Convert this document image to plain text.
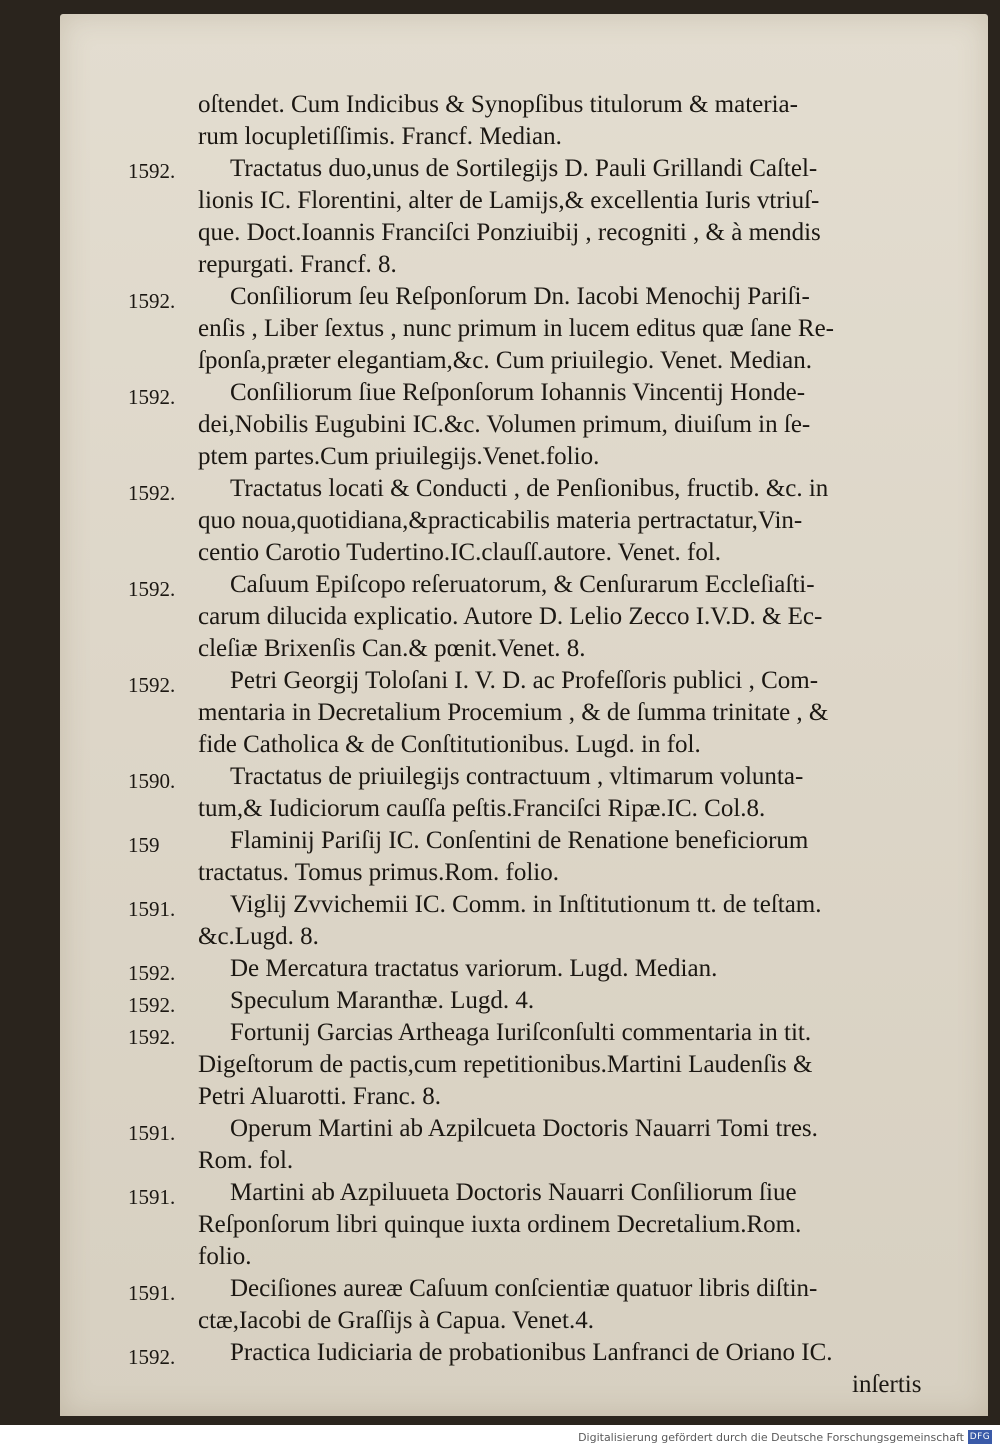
oſtendet. Cum Indicibus & Synopſibus titulorum & materia-
rum locupletiſſimis. Francf. Median.
1592.	Tractatus duo,unus de Sortilegijs D. Pauli Grillandi Caſtel-
lionis IC. Florentini, alter de Lamijs,& excellentia Iuris vtriuſ-
que. Doct.Ioannis Franciſci Ponziuibij , recogniti , & à mendis
repurgati. Francf. 8.
1592.	Conſiliorum ſeu Reſponſorum Dn. Iacobi Menochij Pariſi-
enſis , Liber ſextus , nunc primum in lucem editus quæ ſane Re-
ſponſa,præter elegantiam,&c. Cum priuilegio. Venet. Median.
1592.	Conſiliorum ſiue Reſponſorum Iohannis Vincentij Honde-
dei,Nobilis Eugubini IC.&c. Volumen primum, diuiſum in ſe-
ptem partes.Cum priuilegijs.Venet.folio.
1592.	Tractatus locati & Conducti , de Penſionibus, fructib. &c. in
quo noua,quotidiana,&practicabilis materia pertractatur,Vin-
centio Carotio Tudertino.IC.clauſſ.autore. Venet. fol.
1592.	Caſuum Epiſcopo reſeruatorum, & Cenſurarum Eccleſiaſti-
carum dilucida explicatio. Autore D. Lelio Zecco I.V.D. & Ec-
cleſiæ Brixenſis Can.& pœnit.Venet. 8.
1592.	Petri Georgij Toloſani I. V. D. ac Profeſſoris publici , Com-
mentaria in Decretalium Procemium , & de ſumma trinitate , &
fide Catholica & de Conſtitutionibus. Lugd. in fol.
1590.	Tractatus de priuilegijs contractuum , vltimarum volunta-
tum,& Iudiciorum cauſſa peſtis.Franciſci Ripæ.IC. Col.8.
159	Flaminij Pariſij IC. Conſentini de Renatione beneficiorum
tractatus. Tomus primus.Rom. folio.
1591.	Viglij Zvvichemii IC. Comm. in Inſtitutionum tt. de teſtam.
&c.Lugd. 8.
1592.	De Mercatura tractatus variorum. Lugd. Median.
1592.	Speculum Maranthæ. Lugd. 4.
1592.	Fortunij Garcias Artheaga Iuriſconſulti commentaria in tit.
Digeſtorum de pactis,cum repetitionibus.Martini Laudenſis &
Petri Aluarotti. Franc. 8.
1591.	Operum Martini ab Azpilcueta Doctoris Nauarri Tomi tres.
Rom. fol.
1591.	Martini ab Azpiluueta Doctoris Nauarri Conſiliorum ſiue
Reſponſorum libri quinque iuxta ordinem Decretalium.Rom.
folio.
1591.	Deciſiones aureæ Caſuum conſcientiæ quatuor libris diſtin-
ctæ,Iacobi de Graſſijs à Capua. Venet.4.
1592.	Practica Iudiciaria de probationibus Lanfranci de Oriano IC.
inſertis
Digitalisierung gefördert durch die Deutsche Forschungsgemeinschaft DFG
